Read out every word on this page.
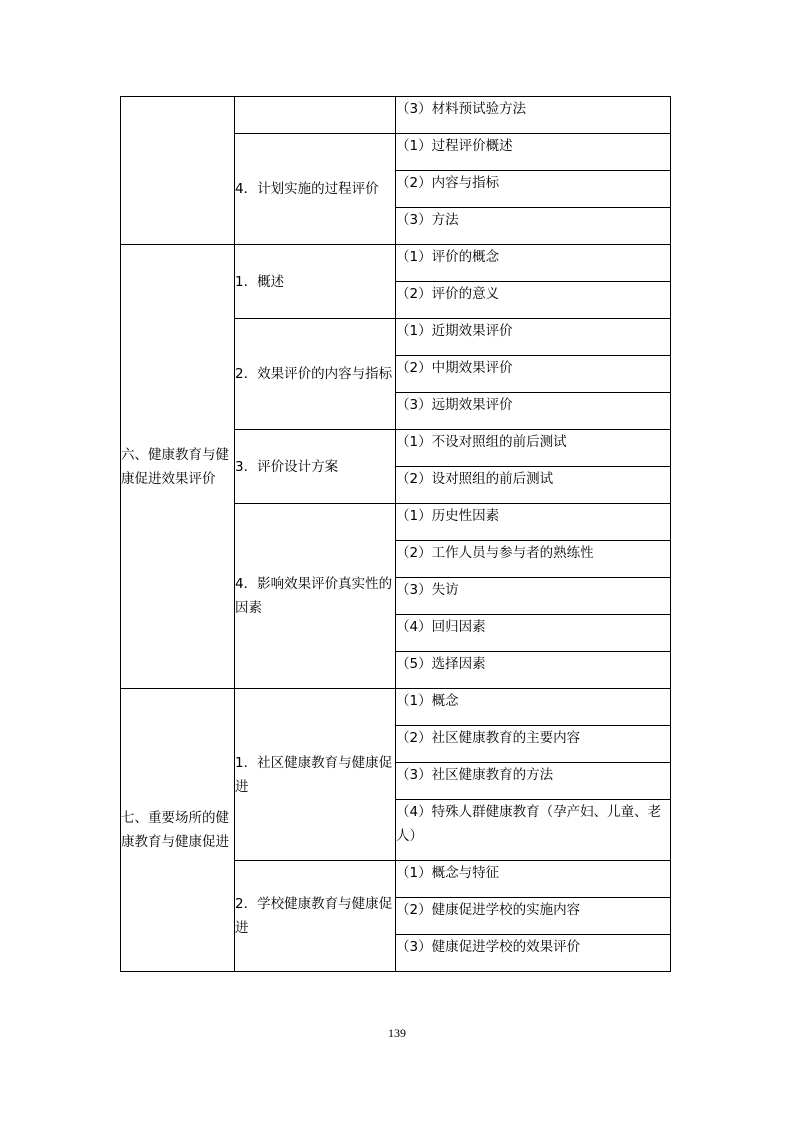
		（3）材料预试验方法
	4．计划实施的过程评价	（1）过程评价概述
		（2）内容与指标
		（3）方法
六、健康教育与健康促进效果评价	1．概述	（1）评价的概念
		（2）评价的意义
	2．效果评价的内容与指标	（1）近期效果评价
		（2）中期效果评价
		（3）远期效果评价
	3．评价设计方案	（1）不设对照组的前后测试
		（2）设对照组的前后测试
	4．影响效果评价真实性的因素	（1）历史性因素
		（2）工作人员与参与者的熟练性
		（3）失访
		（4）回归因素
		（5）选择因素
七、重要场所的健康教育与健康促进	1．社区健康教育与健康促进	（1）概念
		（2）社区健康教育的主要内容
		（3）社区健康教育的方法
		（4）特殊人群健康教育（孕产妇、儿童、老人）
	2．学校健康教育与健康促进	（1）概念与特征
		（2）健康促进学校的实施内容
		（3）健康促进学校的效果评价
139
